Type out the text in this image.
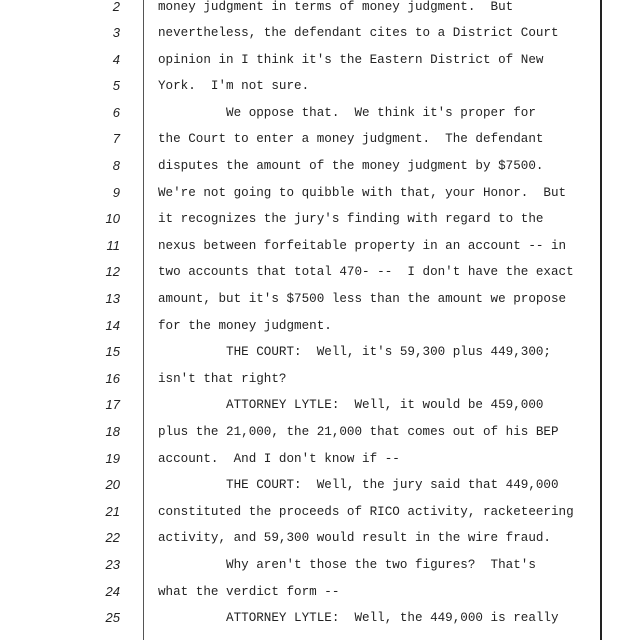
2	money judgment in terms of money judgment.  But
3	nevertheless, the defendant cites to a District Court
4	opinion in I think it's the Eastern District of New
5	York.  I'm not sure.
6	We oppose that.  We think it's proper for
7	the Court to enter a money judgment.  The defendant
8	disputes the amount of the money judgment by $7500.
9	We're not going to quibble with that, your Honor.  But
10	it recognizes the jury's finding with regard to the
11	nexus between forfeitable property in an account -- in
12	two accounts that total 470- --  I don't have the exact
13	amount, but it's $7500 less than the amount we propose
14	for the money judgment.
15	THE COURT:  Well, it's 59,300 plus 449,300;
16	isn't that right?
17	ATTORNEY LYTLE:  Well, it would be 459,000
18	plus the 21,000, the 21,000 that comes out of his BEP
19	account.  And I don't know if --
20	THE COURT:  Well, the jury said that 449,000
21	constituted the proceeds of RICO activity, racketeering
22	activity, and 59,300 would result in the wire fraud.
23	Why aren't those the two figures?  That's
24	what the verdict form --
25	ATTORNEY LYTLE:  Well, the 449,000 is really
